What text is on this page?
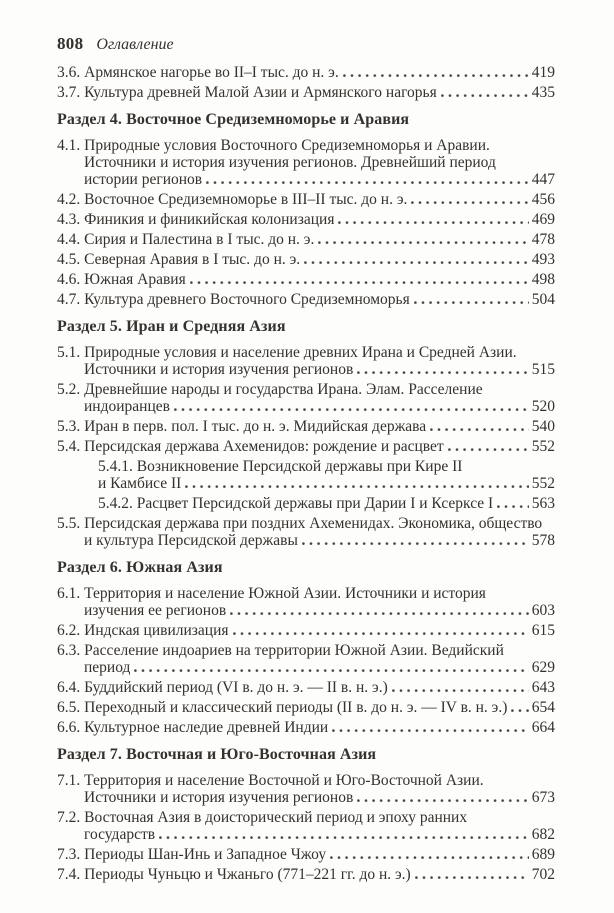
808 Оглавление
3.6. Армянское нагорье во II–I тыс. до н. э.	419
3.7. Культура древней Малой Азии и Армянского нагорья	435
Раздел 4. Восточное Средиземноморье и Аравия
4.1. Природные условия Восточного Средиземноморья и Аравии.
Источники и история изучения регионов. Древнейший период
истории регионов	447
4.2. Восточное Средиземноморье в III–II тыс. до н. э.	456
4.3. Финикия и финикийская колонизация	469
4.4. Сирия и Палестина в I тыс. до н. э.	478
4.5. Северная Аравия в I тыс. до н. э.	493
4.6. Южная Аравия	498
4.7. Культура древнего Восточного Средиземноморья	504
Раздел 5. Иран и Средняя Азия
5.1. Природные условия и население древних Ирана и Средней Азии.
Источники и история изучения регионов	515
5.2. Древнейшие народы и государства Ирана. Элам. Расселение
индоиранцев	520
5.3. Иран в перв. пол. I тыс. до н. э. Мидийская держава	540
5.4. Персидская держава Ахеменидов: рождение и расцвет	552
5.4.1. Возникновение Персидской державы при Кире II
и Камбисе II	552
5.4.2. Расцвет Персидской державы при Дарии I и Ксерксе I 563
5.5. Персидская держава при поздних Ахеменидах. Экономика, общество
и культура Персидской державы	578
Раздел 6. Южная Азия
6.1. Территория и население Южной Азии. Источники и история
изучения ее регионов	603
6.2. Индская цивилизация	615
6.3. Расселение индоариев на территории Южной Азии. Ведийский
период	629
6.4. Буддийский период (VI в. до н. э. — II в. н. э.)	643
6.5. Переходный и классический периоды (II в. до н. э. — IV в. н. э.) 654
6.6. Культурное наследие древней Индии	664
Раздел 7. Восточная и Юго-Восточная Азия
7.1. Территория и население Восточной и Юго-Восточной Азии.
Источники и история изучения регионов	673
7.2. Восточная Азия в доисторический период и эпоху ранних
государств	682
7.3. Периоды Шан-Инь и Западное Чжоу	689
7.4. Периоды Чуньцю и Чжаньго (771–221 гг. до н. э.)	702
